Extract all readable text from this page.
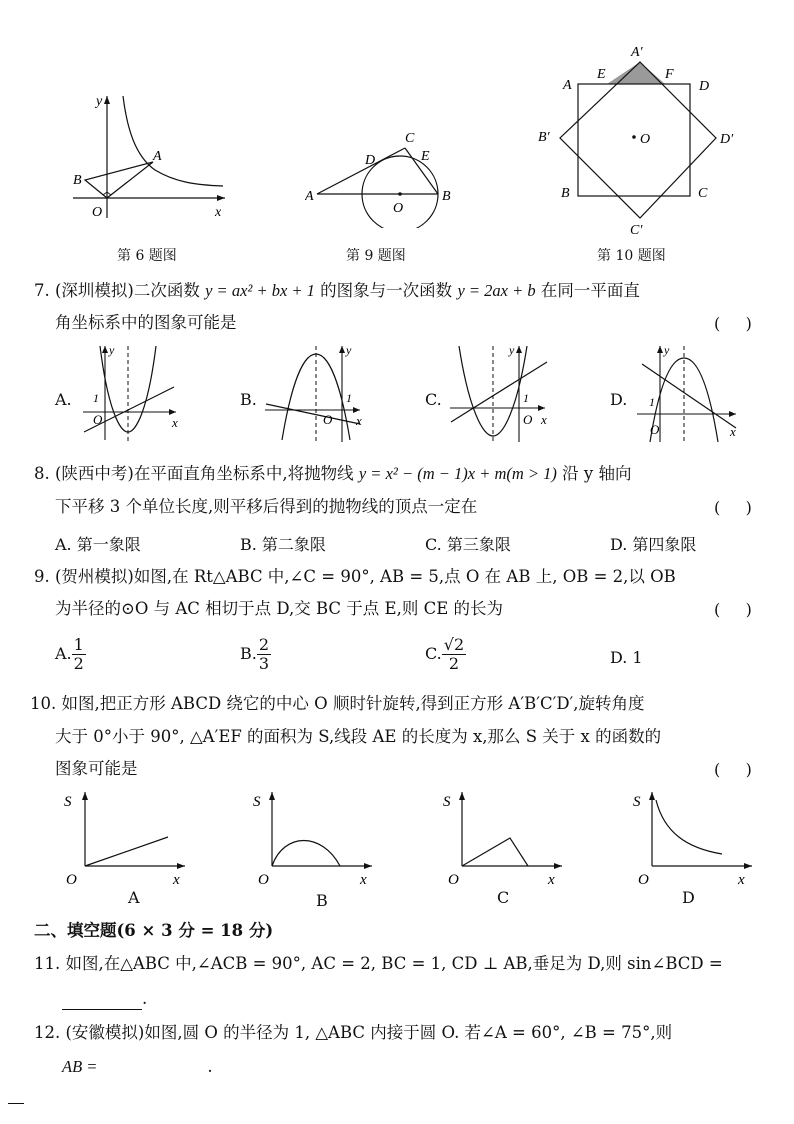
y
x
O
A
B
第 6 题图
A	B
C
D	E
O
第 9 题图
A
E
A′
F
D
B′	O	D′
B	C
C′
第 10 题图
7. (深圳模拟)二次函数 y = ax² + bx + 1 的图象与一次函数 y = 2ax + b 在同一平面直
角坐标系中的图象可能是	(     )
A.
y
x
O
1	B.
y
x
O
1	C.
y
x
O
1	D.
y
x
O
1
8. (陕西中考)在平面直角坐标系中,将抛物线 y = x² − (m − 1)x + m(m > 1) 沿 y 轴向
下平移 3 个单位长度,则平移后得到的抛物线的顶点一定在	(     )
A. 第一象限	B. 第二象限	C. 第三象限	D. 第四象限
9. (贺州模拟)如图,在 Rt△ABC 中,∠C = 90°, AB = 5,点 O 在 AB 上, OB = 2,以 OB
为半径的⊙O 与 AC 相切于点 D,交 BC 于点 E,则 CE 的长为	(     )
A. $\frac{1}{2}$	B. $\frac{2}{3}$	C. $\frac{√2}{2}$	D. 1
10. 如图,把正方形 ABCD 绕它的中心 O 顺时针旋转,得到正方形 A′B′C′D′,旋转角度
大于 0°小于 90°, △A′EF 的面积为 S,线段 AE 的长度为 x,那么 S 关于 x 的函数的
图象可能是	(     )
S
x
O
A
S
x
O
B
S
x
O
C
S
x
O
D
二、填空题(6 × 3 分 = 18 分)
11. 如图,在△ABC 中,∠ACB = 90°, AC = 2, BC = 1, CD ⊥ AB,垂足为 D,则 sin∠BCD =
.
12. (安徽模拟)如图,圆 O 的半径为 1, △ABC 内接于圆 O. 若∠A = 60°, ∠B = 75°,则
AB =	.
